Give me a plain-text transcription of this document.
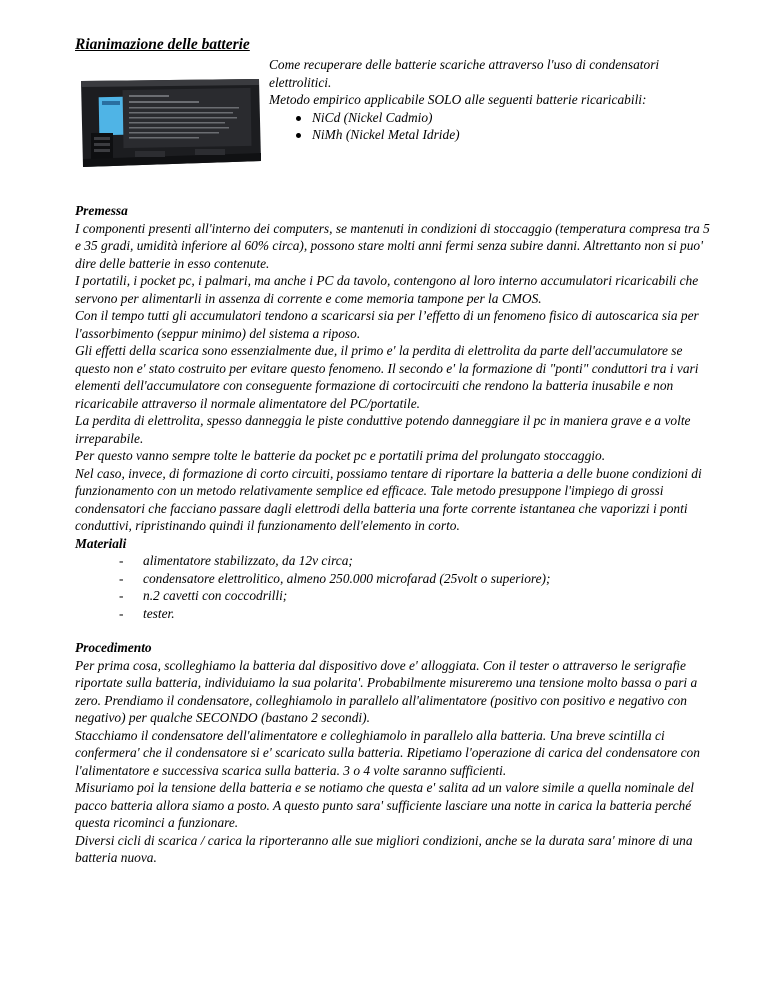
Rianimazione delle batterie
Come recuperare delle batterie scariche attraverso l'uso di condensatori elettrolitici.
Metodo empirico applicabile SOLO alle seguenti batterie ricaricabili:
NiCd (Nickel Cadmio)
NiMh (Nickel Metal Idride)
Premessa

I componenti presenti all'interno dei computers, se mantenuti in condizioni di stoccaggio (temperatura compresa tra 5 e 35 gradi, umidità inferiore al 60% circa), possono stare molti anni fermi senza subire danni. Altrettanto non si puo' dire delle batterie in esso contenute.

I portatili, i pocket pc, i palmari, ma anche i PC da tavolo, contengono al loro interno accumulatori ricaricabili che servono per alimentarli in assenza di corrente e come memoria tampone per la CMOS.

Con il tempo tutti gli accumulatori tendono a scaricarsi sia per l’effetto di un fenomeno fisico di autoscarica sia per l'assorbimento (seppur minimo) del sistema a riposo.

Gli effetti della scarica sono essenzialmente due, il primo e' la perdita di elettrolita da parte dell'accumulatore se questo non e' stato costruito per evitare questo fenomeno. Il secondo e' la formazione di "ponti" conduttori tra i vari elementi dell'accumulatore con conseguente formazione di cortocircuiti che rendono la batteria inusabile e non ricaricabile attraverso il normale alimentatore del PC/portatile.

La perdita di elettrolita, spesso danneggia le piste conduttive potendo danneggiare il pc in maniera grave e a volte irreparabile.

Per questo vanno sempre tolte le batterie da pocket pc e portatili prima del prolungato stoccaggio.

Nel caso, invece, di formazione di corto circuiti, possiamo tentare di riportare la batteria a delle buone condizioni di funzionamento con un metodo relativamente semplice ed efficace. Tale metodo presuppone l'impiego di grossi condensatori che facciano passare dagli elettrodi della batteria una forte corrente istantanea che vaporizzi i ponti conduttivi, ripristinando quindi il funzionamento dell'elemento in corto.

Materiali
- alimentatore stabilizzato, da 12v circa;
- condensatore elettrolitico, almeno 250.000 microfarad (25volt o superiore);
- n.2 cavetti con coccodrilli;
- tester.
Procedimento

Per prima cosa, scolleghiamo la batteria dal dispositivo dove e' alloggiata. Con il tester o attraverso le serigrafie riportate sulla batteria, individuiamo la sua polarita'. Probabilmente misureremo una tensione molto bassa o pari a zero. Prendiamo il condensatore, colleghiamolo in parallelo all'alimentatore (positivo con positivo e negativo con negativo) per qualche SECONDO (bastano 2 secondi).

Stacchiamo il condensatore dell'alimentatore e colleghiamolo in parallelo alla batteria. Una breve scintilla ci confermera' che il condensatore si e' scaricato sulla batteria. Ripetiamo l'operazione di carica del condensatore con l'alimentatore e successiva scarica sulla batteria. 3 o 4 volte saranno sufficienti.

Misuriamo poi la tensione della batteria e se notiamo che questa e' salita ad un valore simile a quella nominale del pacco batteria allora siamo a posto. A questo punto sara' sufficiente lasciare una notte in carica la batteria perché questa ricominci a funzionare.

Diversi cicli di scarica / carica la riporteranno alle sue migliori condizioni, anche se la durata sara' minore di una batteria nuova.
